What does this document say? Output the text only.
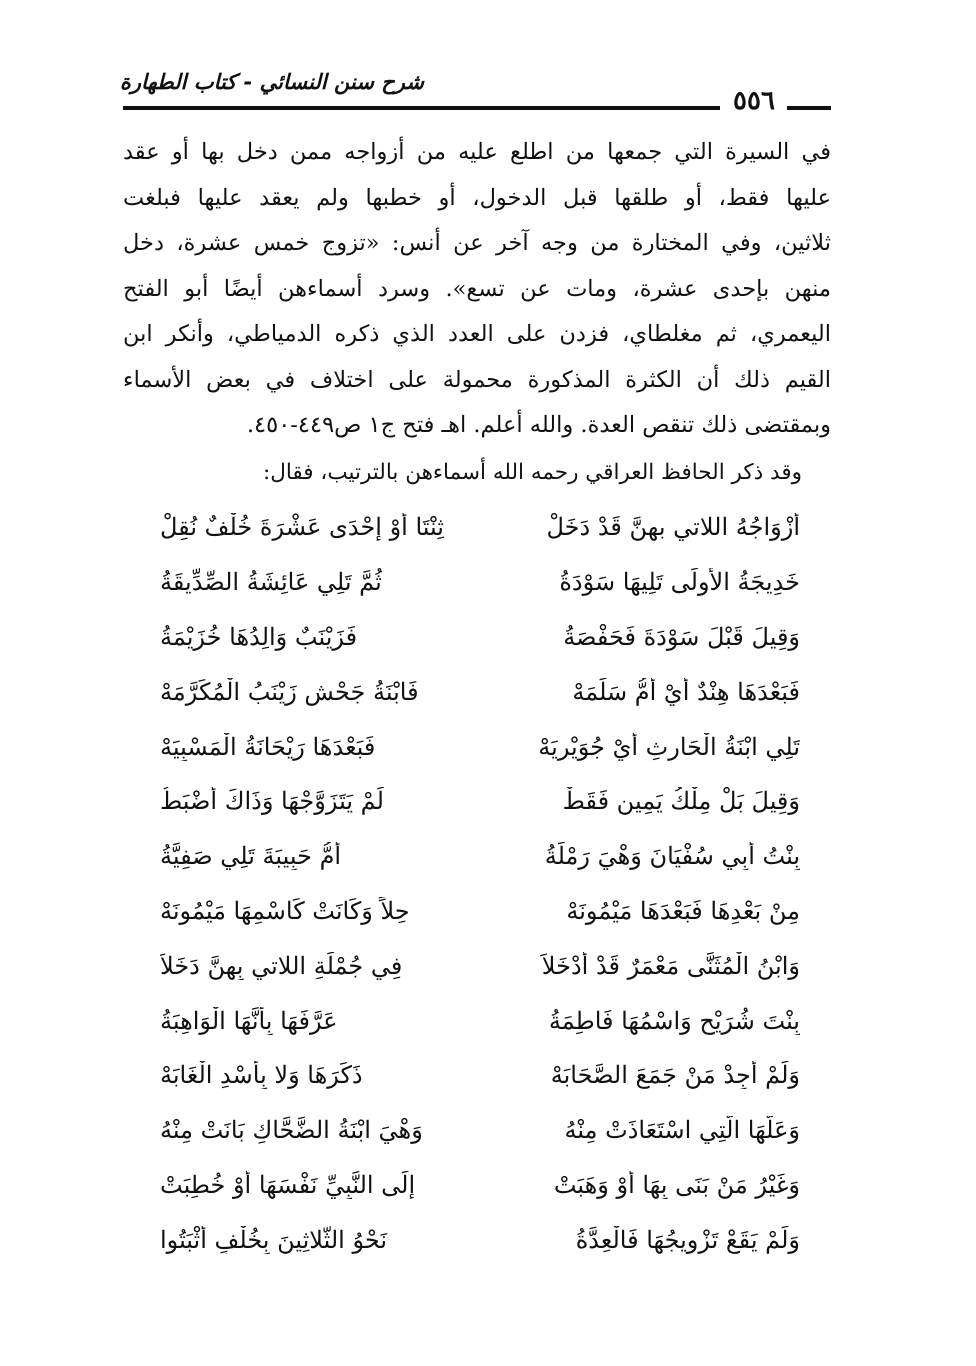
شرح سنن النسائي - كتاب الطهارة
٥٥٦
في السيرة التي جمعها من اطلع عليه من أزواجه ممن دخل بها أو عقد
عليها فقط، أو طلقها قبل الدخول، أو خطبها ولم يعقد عليها فبلغت
ثلاثين، وفي المختارة من وجه آخر عن أنس: «تزوج خمس عشرة، دخل
منهن بإحدى عشرة، ومات عن تسع». وسرد أسماءهن أيضًا أبو الفتح
اليعمري، ثم مغلطاي، فزدن على العدد الذي ذكره الدمياطي، وأنكر ابن
القيم ذلك أن الكثرة المذكورة محمولة على اختلاف في بعض الأسماء
وبمقتضى ذلك تنقص العدة. والله أعلم. اهـ فتح ج١ ص٤٤٩-٤٥٠.
وقد ذكر الحافظ العراقي رحمه الله أسماءهن بالترتيب، فقال:
أَزْوَاجُهُ اللاتي بهنَّ قَدْ دَخَلْ
ثِنْتَا أَوْ إِحْدَى عَشْرَةَ خُلْفٌ نُقِلْ
خَدِيجَةُ الأُولَى تَلِيهَا سَوْدَةُ
ثُمَّ تَلِي عَائِشَةُ الصِّدِّيقَةُ
وَقِيلَ قَبْلَ سَوْدَةَ فَحَفْصَةُ
فَزَيْنَبٌ وَالِدُهَا خُزَيْمَةُ
فَبَعْدَهَا هِنْدٌ أَيْ أُمُّ سَلَمَهْ
فَابْنَةُ جَحْشٍ زَيْنَبُ الْمُكَرَّمَهْ
تَلِي ابْنَةُ الْحَارِثِ أَيْ جُوَيْرِيَهْ
فَبَعْدَهَا رَيْحَانَةُ الْمَسْبِيَهْ
وَقِيلَ بَلْ مِلْكُ يَمِينٍ فَقَطْ
لَمْ يَتَزَوَّجْهَا وَذَاكَ أَضْبَطُ
بِنْتُ أَبِي سُفْيَانَ وَهْيَ رَمْلَةُ
أُمُّ حَبِيبَةَ تَلِي صَفِيَّةُ
مِنْ بَعْدِهَا فَبَعْدَهَا مَيْمُونَهْ
حِلاً وَكَانَتْ كَاسْمِهَا مَيْمُونَهْ
وَابْنُ الْمُثَنَّى مَعْمَرٌ قَدْ أَدْخَلاَ
فِي جُمْلَةِ اللاتي بِهِنَّ دَخَلاَ
بِنْتَ شُرَيْحٍ وَاسْمُهَا فَاطِمَةُ
عَرَّفَهَا بِأَنَّهَا الْوَاهِبَةُ
وَلَمْ أَجِدْ مَنْ جَمَعَ الصَّحَابَهْ
ذَكَرَهَا وَلا بِأُسْدِ الْغَابَهْ
وَعَلَّهَا الَّتِي اسْتَعَاذَتْ مِنْهُ
وَهْيَ ابْنَةُ الضَّحَّاكِ بَانَتْ مِنْهُ
وَغَيْرُ مَنْ بَنَى بِهَا أَوْ وَهَبَتْ
إِلَى النَّبِيِّ نَفْسَهَا أَوْ خُطِبَتْ
وَلَمْ يَقَعْ تَزْوِيجُهَا فَالْعِدَّةُ
نَحْوُ الثَّلاثِينَ بِخُلْفٍ أَثْبَتُوا
